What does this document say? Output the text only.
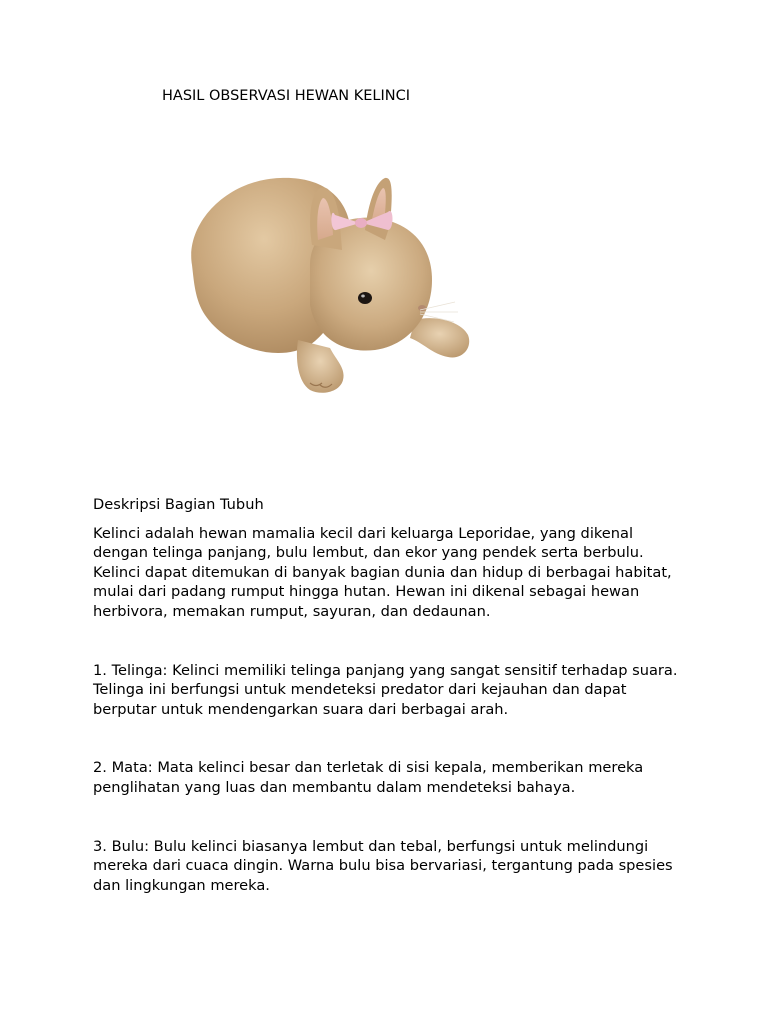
HASIL OBSERVASI HEWAN KELINCI

Deskripsi Bagian Tubuh

Kelinci adalah hewan mamalia kecil dari keluarga Leporidae, yang dikenal dengan telinga panjang, bulu lembut, dan ekor yang pendek serta berbulu. Kelinci dapat ditemukan di banyak bagian dunia dan hidup di berbagai habitat, mulai dari padang rumput hingga hutan. Hewan ini dikenal sebagai hewan herbivora, memakan rumput, sayuran, dan dedaunan.

1. Telinga: Kelinci memiliki telinga panjang yang sangat sensitif terhadap suara. Telinga ini berfungsi untuk mendeteksi predator dari kejauhan dan dapat berputar untuk mendengarkan suara dari berbagai arah.

2. Mata: Mata kelinci besar dan terletak di sisi kepala, memberikan mereka penglihatan yang luas dan membantu dalam mendeteksi bahaya.

3. Bulu: Bulu kelinci biasanya lembut dan tebal, berfungsi untuk melindungi mereka dari cuaca dingin. Warna bulu bisa bervariasi, tergantung pada spesies dan lingkungan mereka.
